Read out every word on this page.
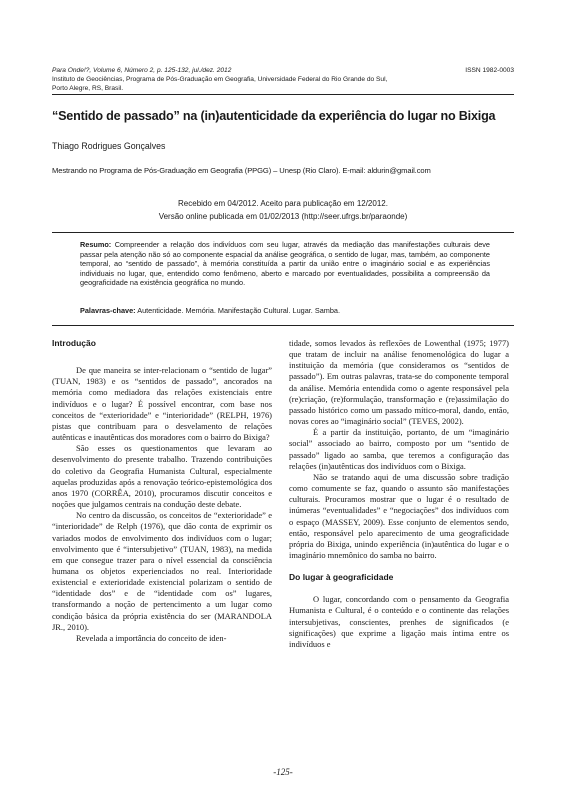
Para Onde!?, Volume 6, Número 2, p. 125-132, jul./dez. 2012
Instituto de Geociências, Programa de Pós-Graduação em Geografia, Universidade Federal do Rio Grande do Sul,
Porto Alegre, RS, Brasil.
ISSN 1982-0003
“Sentido de passado” na (in)autenticidade da experiência do lugar no Bixiga
Thiago Rodrigues Gonçalves
Mestrando no Programa de Pós-Graduação em Geografia (PPGG) – Unesp (Rio Claro). E-mail: aldurin@gmail.com
Recebido em 04/2012. Aceito para publicação em 12/2012.
Versão online publicada em 01/02/2013 (http://seer.ufrgs.br/paraonde)
Resumo: Compreender a relação dos indivíduos com seu lugar, através da mediação das manifestações culturais deve passar pela atenção não só ao componente espacial da análise geográfica, o sentido de lugar, mas, também, ao componente temporal, ao “sentido de passado”, à memória constituída a partir da união entre o imaginário social e as experiências individuais no lugar, que, entendido como fenômeno, aberto e marcado por eventualidades, possibilita a compreensão da geograficidade na existência geográfica no mundo.
Palavras-chave: Autenticidade. Memória. Manifestação Cultural. Lugar. Samba.
Introdução

De que maneira se inter-relacionam o “sentido de lugar” (TUAN, 1983) e os “sentidos de passado”, ancorados na memória como mediadora das relações existenciais entre indivíduos e o lugar? É possível encontrar, com base nos conceitos de “exterioridade” e “interioridade” (RELPH, 1976) pistas que contribuam para o desvelamento de relações autênticas e inautênticas dos moradores com o bairro do Bixiga?

São esses os questionamentos que levaram ao desenvolvimento do presente trabalho. Trazendo contribuições do coletivo da Geografia Humanista Cultural, especialmente aquelas produzidas após a renovação teórico-epistemológica dos anos 1970 (CORRÊA, 2010), procuramos discutir conceitos e noções que julgamos centrais na condução deste debate.

No centro da discussão, os conceitos de “exterioridade” e “interioridade” de Relph (1976), que dão conta de exprimir os variados modos de envolvimento dos indivíduos com o lugar; envolvimento que é “intersubjetivo” (TUAN, 1983), na medida em que consegue trazer para o nível essencial da consciência humana os objetos experienciados no real. Interioridade existencial e exterioridade existencial polarizam o sentido de “identidade dos” e de “identidade com os” lugares, transformando a noção de pertencimento a um lugar como condição básica da própria existência do ser (MARANDOLA JR., 2010).

Revelada a importância do conceito de iden-

tidade, somos levados às reflexões de Lowenthal (1975; 1977) que tratam de incluir na análise fenomenológica do lugar a instituição da memória (que consideramos os “sentidos de passado”). Em outras palavras, trata-se do componente temporal da análise. Memória entendida como o agente responsável pela (re)criação, (re)formulação, transformação e (re)assimilação do passado histórico como um passado mítico-moral, dando, então, novas cores ao “imaginário social” (TEVES, 2002).

É a partir da instituição, portanto, de um “imaginário social” associado ao bairro, composto por um “sentido de passado” ligado ao samba, que teremos a configuração das relações (in)autênticas dos indivíduos com o Bixiga.

Não se tratando aqui de uma discussão sobre tradição como comumente se faz, quando o assunto são manifestações culturais. Procuramos mostrar que o lugar é o resultado de inúmeras “eventualidades” e “negociações” dos indivíduos com o espaço (MASSEY, 2009). Esse conjunto de elementos sendo, então, responsável pelo aparecimento de uma geograficidade própria do Bixiga, unindo experiência (in)autêntica do lugar e o imaginário mnemônico do samba no bairro.

Do lugar à geograficidade

O lugar, concordando com o pensamento da Geografia Humanista e Cultural, é o conteúdo e o continente das relações intersubjetivas, conscientes, prenhes de significados (e significações) que exprime a ligação mais íntima entre os indivíduos e

-125-
